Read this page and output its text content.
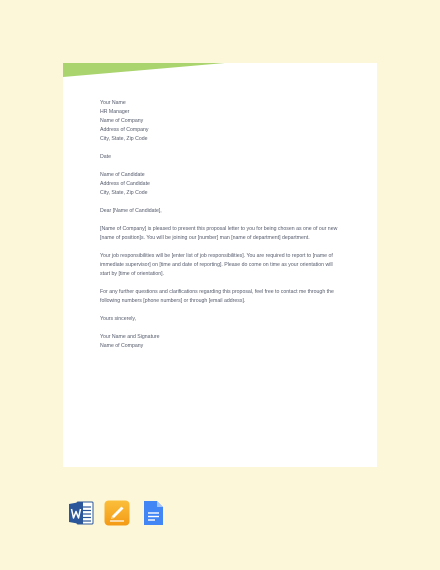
Your Name
HR Manager
Name of Company
Address of Company
City, State, Zip Code
Date
Name of Candidate
Address of Candidate
City, State, Zip Code
Dear [Name of Candidate],
[Name of Company] is pleased to present this proposal letter to you for being chosen as one of our new
[name of position]s. You will be joining our [number] man [name of department] department.
Your job responsibilities will be [enter list of job responsibilities]. You are required to report to [name of
immediate supervisor] on [time and date of reporting]. Please do come on time as your orientation will
start by [time of orientation].
For any further questions and clarifications regarding this proposal, feel free to contact me through the
following numbers [phone numbers] or through [email address].
Yours sincerely,
Your Name and Signature
Name of Company
